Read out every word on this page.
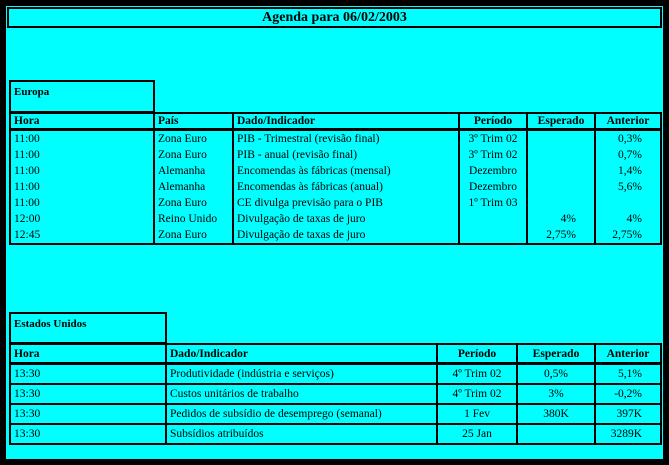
Agenda para 06/02/2003
Europa
Hora	País	Dado/Indicador	Período	Esperado	Anterior
11:00	Zona Euro	PIB - Trimestral (revisão final)	3º Trim 02		0,3%
11:00	Zona Euro	PIB - anual (revisão final)	3º Trim 02		0,7%
11:00	Alemanha	Encomendas às fábricas (mensal)	Dezembro		1,4%
11:00	Alemanha	Encomendas às fábricas (anual)	Dezembro		5,6%
11:00	Zona Euro	CE divulga previsão para o PIB	1º Trim 03		
12:00	Reino Unido	Divulgação de taxas de juro		4%	4%
12:45	Zona Euro	Divulgação de taxas de juro		2,75%	2,75%
Estados Unidos
Hora	Dado/Indicador	Período	Esperado	Anterior
13:30	Produtividade (indústria e serviços)	4º Trim 02	0,5%	5,1%
13:30	Custos unitários de trabalho	4º Trim 02	3%	-0,2%
13:30	Pedidos de subsídio de desemprego (semanal)	1 Fev	380K	397K
13:30	Subsídios atribuídos	25 Jan		3289K
